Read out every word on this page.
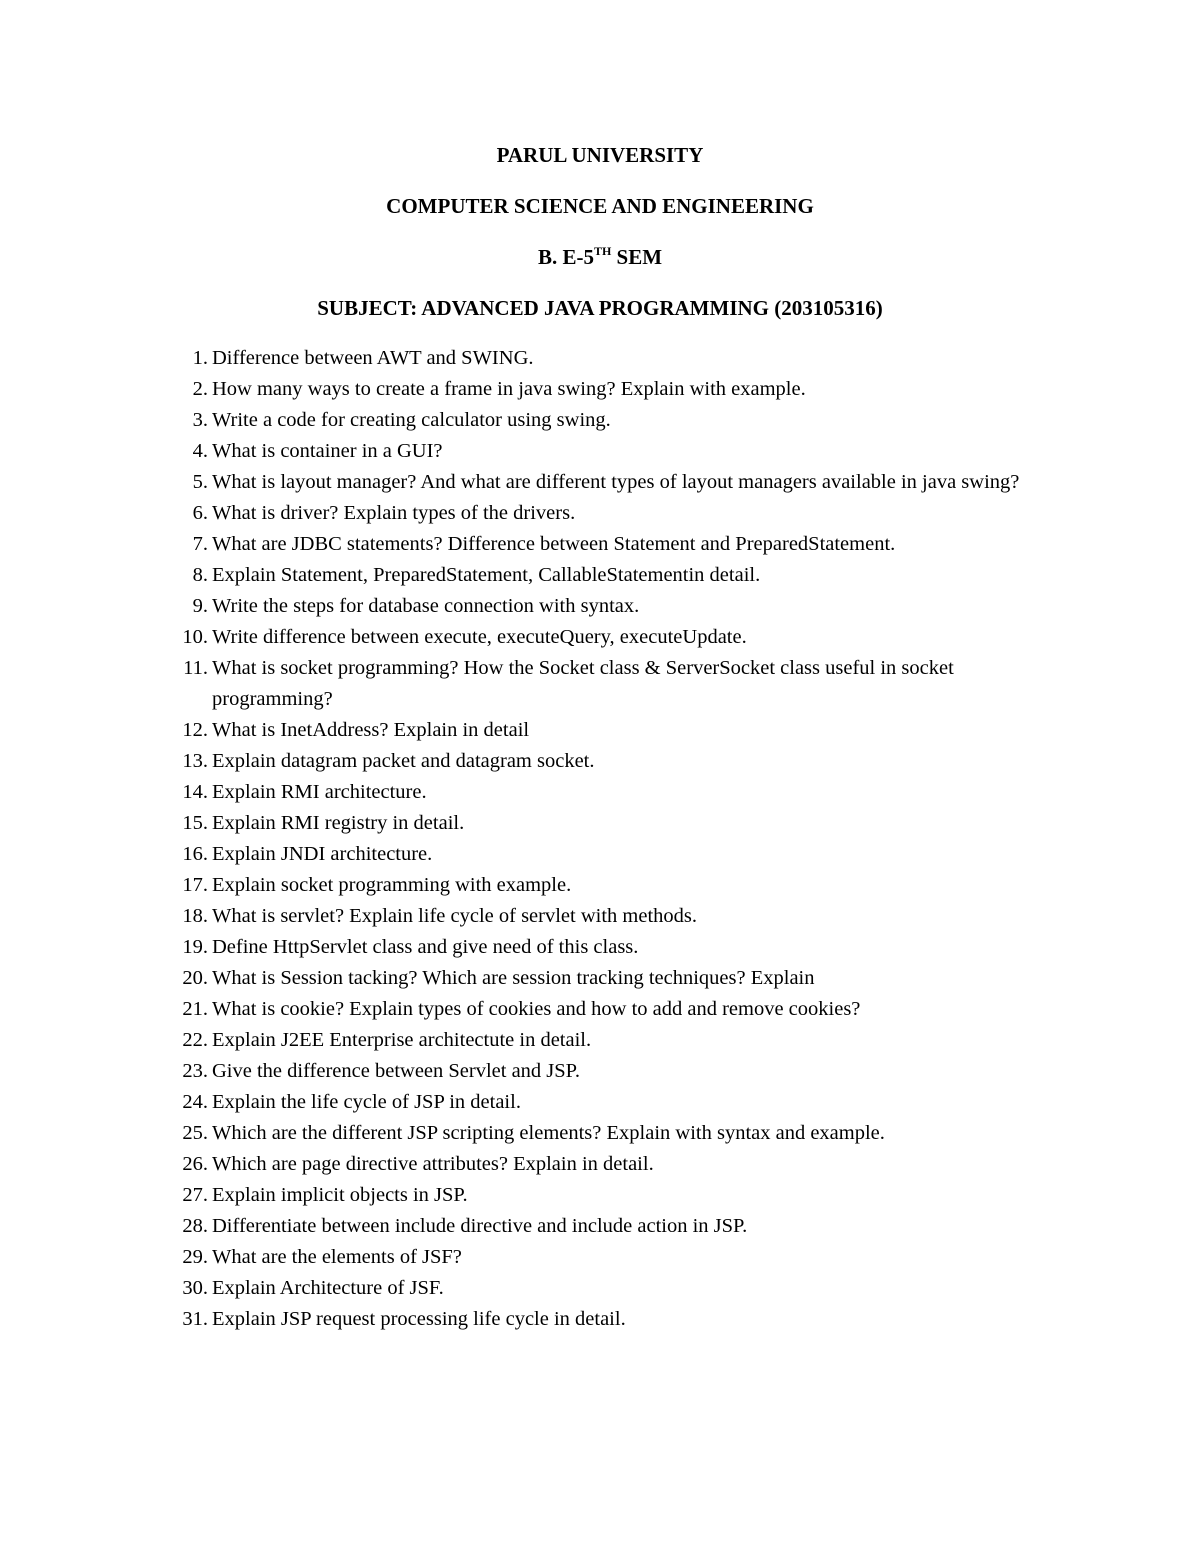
PARUL UNIVERSITY
COMPUTER SCIENCE AND ENGINEERING
B. E-5TH SEM
SUBJECT: ADVANCED JAVA PROGRAMMING (203105316)
1. Difference between AWT and SWING.
2. How many ways to create a frame in java swing? Explain with example.
3. Write a code for creating calculator using swing.
4. What is container in a GUI?
5. What is layout manager? And what are different types of layout managers available in java swing?
6. What is driver? Explain types of the drivers.
7. What are JDBC statements? Difference between Statement and PreparedStatement.
8. Explain Statement, PreparedStatement, CallableStatementin detail.
9. Write the steps for database connection with syntax.
10. Write difference between execute, executeQuery, executeUpdate.
11. What is socket programming? How the Socket class & ServerSocket class useful in socket programming?
12. What is InetAddress? Explain in detail
13. Explain datagram packet and datagram socket.
14. Explain RMI architecture.
15. Explain RMI registry in detail.
16. Explain JNDI architecture.
17. Explain socket programming with example.
18. What is servlet? Explain life cycle of servlet with methods.
19. Define HttpServlet class and give need of this class.
20. What is Session tacking? Which are session tracking techniques? Explain
21. What is cookie? Explain types of cookies and how to add and remove cookies?
22. Explain J2EE Enterprise architectute in detail.
23. Give the difference between Servlet and JSP.
24. Explain the life cycle of JSP in detail.
25. Which are the different JSP scripting elements? Explain with syntax and example.
26. Which are page directive attributes? Explain in detail.
27. Explain implicit objects in JSP.
28. Differentiate between include directive and include action in JSP.
29. What are the elements of JSF?
30. Explain Architecture of JSF.
31. Explain JSP request processing life cycle in detail.
